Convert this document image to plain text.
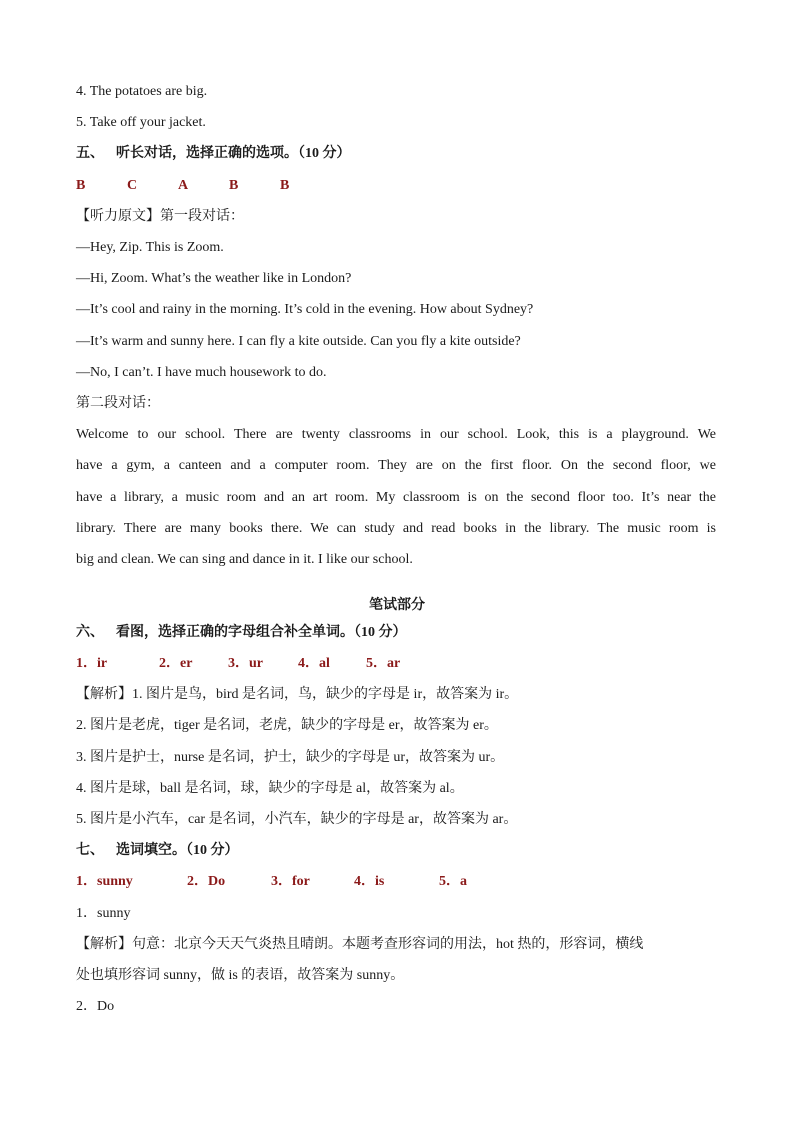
4. The potatoes are big.
5. Take off your jacket.
五、 听长对话，选择正确的选项。（10 分）
B	C	A	B	B
【听力原文】第一段对话：
—Hey, Zip. This is Zoom.
—Hi, Zoom. What’s the weather like in London?
—It’s cool and rainy in the morning. It’s cold in the evening. How about Sydney?
—It’s warm and sunny here. I can fly a kite outside. Can you fly a kite outside?
—No, I can’t. I have much housework to do.
第二段对话：
Welcome to our school. There are twenty classrooms in our school. Look, this is a playground. We
have a gym, a canteen and a computer room. They are on the first floor. On the second floor, we
have a library, a music room and an art room. My classroom is on the second floor too. It’s near the
library. There are many books there. We can study and read books in the library. The music room is
big and clean. We can sing and dance in it. I like our school.
笔试部分
六、 看图，选择正确的字母组合补全单词。（10 分）
1．ir	2．er	3．ur	4．al	5．ar
【解析】1. 图片是鸟，bird 是名词，鸟，缺少的字母是 ir，故答案为 ir。
2. 图片是老虎，tiger 是名词，老虎，缺少的字母是 er，故答案为 er。
3. 图片是护士，nurse 是名词，护士，缺少的字母是 ur，故答案为 ur。
4. 图片是球，ball 是名词，球，缺少的字母是 al，故答案为 al。
5. 图片是小汽车，car 是名词，小汽车，缺少的字母是 ar，故答案为 ar。
七、 选词填空。（10 分）
1．sunny	2．Do	3．for	4．is	5．a
1．sunny
【解析】句意：北京今天天气炎热且晴朗。本题考查形容词的用法，hot 热的，形容词，横线
处也填形容词 sunny，做 is 的表语，故答案为 sunny。
2．Do
